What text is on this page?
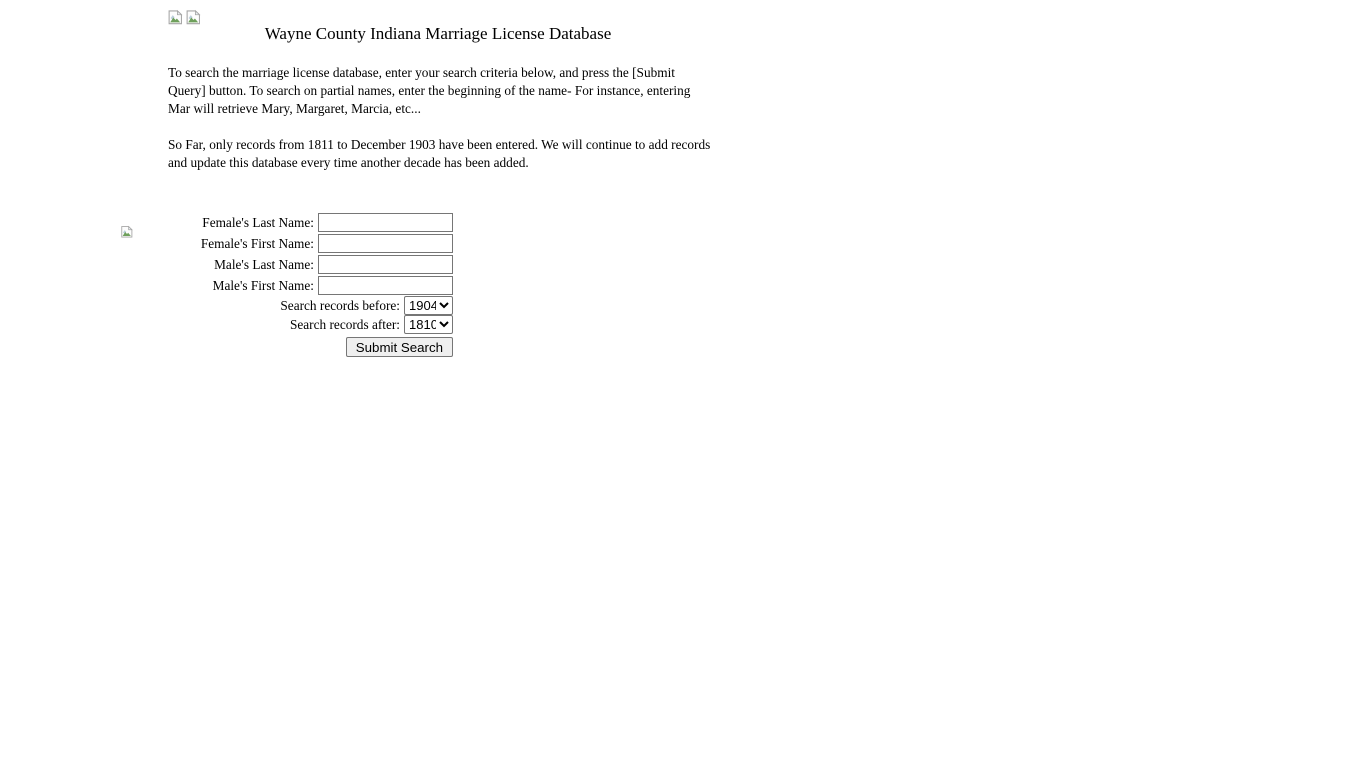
Wayne County Indiana Marriage License Database

To search the marriage license database, enter your search criteria below, and press the [Submit Query] button. To search on partial names, enter the beginning of the name- For instance, entering Mar will retrieve Mary, Margaret, Marcia, etc...

So Far, only records from 1811 to December 1903 have been entered. We will continue to add records and update this database every time another decade has been added.

Female's Last Name:
Female's First Name:
Male's Last Name:
Male's First Name:
Search records before:
1904
Search records after:
1810
Submit Search
